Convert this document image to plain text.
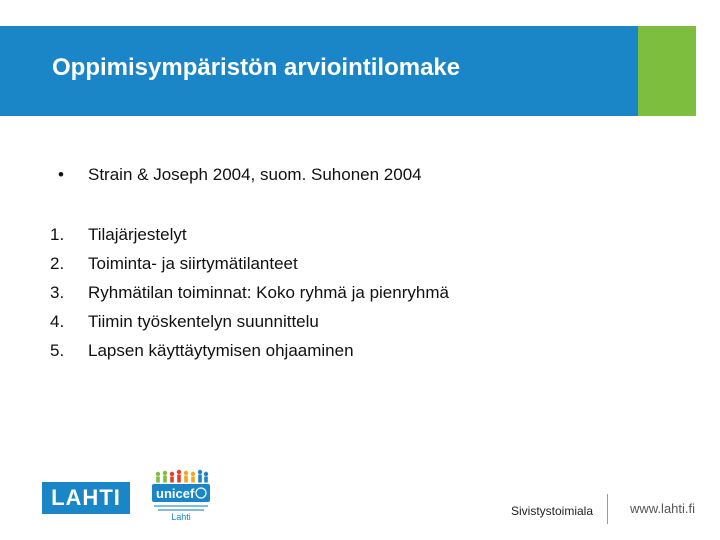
Oppimisympäristön arviointilomake
• Strain & Joseph 2004, suom. Suhonen 2004
1. Tilajärjestelyt
2. Toiminta- ja siirtymätilanteet
3. Ryhmätilan toiminnat: Koko ryhmä ja pienryhmä
4. Tiimin työskentelyn suunnittelu
5. Lapsen käyttäytymisen ohjaaminen
LAHTI	unicef
Lahti	Sivistystoimiala	www.lahti.fi
